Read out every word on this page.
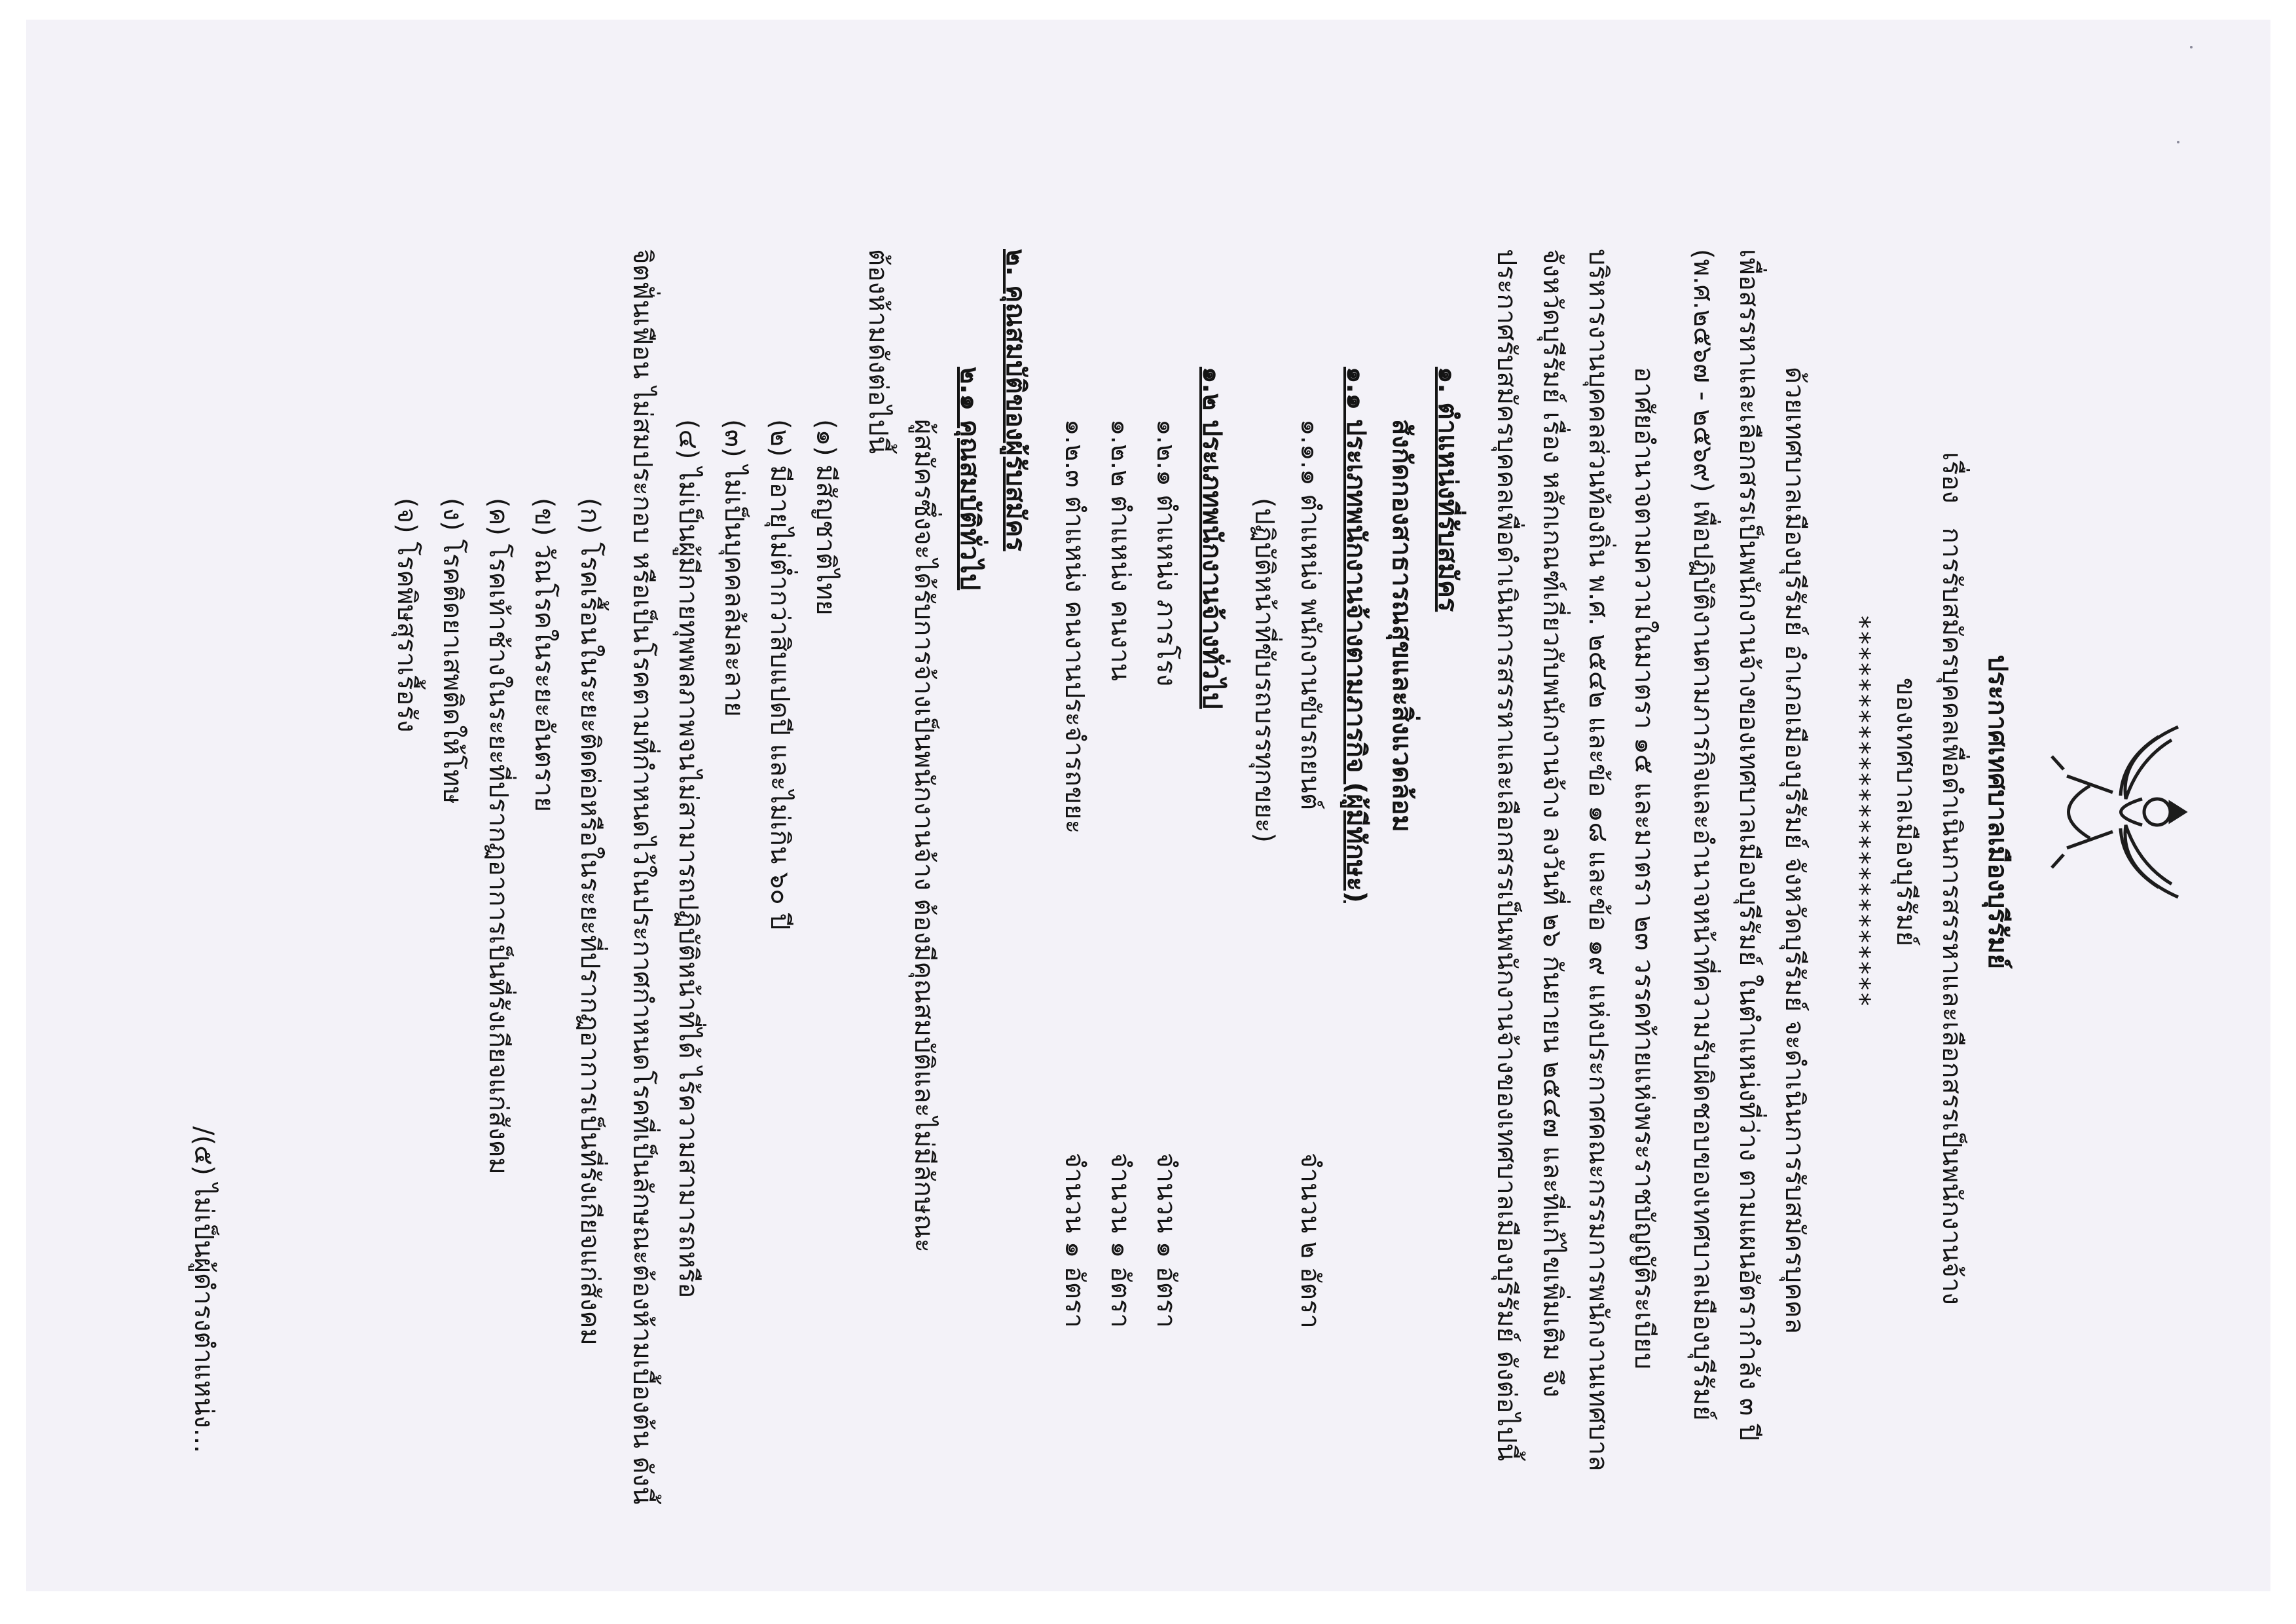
ประกาศเทศบาลเมืองบุรีรัมย์
เรื่อง การรับสมัครบุคคลเพื่อดำเนินการสรรหาและเลือกสรรเป็นพนักงานจ้าง
ของเทศบาลเมืองบุรีรัมย์
*************************
ด้วยเทศบาลเมืองบุรีรัมย์ อำเภอเมืองบุรีรัมย์ จังหวัดบุรีรัมย์ จะดำเนินการรับสมัครบุคคล
เพื่อสรรหาและเลือกสรรเป็นพนักงานจ้างของเทศบาลเมืองบุรีรัมย์ ในตำแหน่งที่ว่าง ตามแผนอัตรากำลัง ๓ ปี
(พ.ศ.๒๕๖๗ - ๒๕๖๙) เพื่อปฏิบัติงานตามภารกิจและอำนาจหน้าที่ความรับผิดชอบของเทศบาลเมืองบุรีรัมย์
อาศัยอำนาจตามความในมาตรา ๑๕ และมาตรา ๒๓ วรรคท้ายแห่งพระราชบัญญัติระเบียบ
บริหารงานบุคคลส่วนท้องถิ่น พ.ศ. ๒๕๔๒ และข้อ ๑๘ และข้อ ๑๙ แห่งประกาศคณะกรรมการพนักงานเทศบาล
จังหวัดบุรีรัมย์ เรื่อง หลักเกณฑ์เกี่ยวกับพนักงานจ้าง ลงวันที่ ๒๖ กันยายน ๒๕๔๗ และที่แก้ไขเพิ่มเติม จึง
ประกาศรับสมัครบุคคลเพื่อดำเนินการสรรหาและเลือกสรรเป็นพนักงานจ้างของเทศบาลเมืองบุรีรัมย์ ดังต่อไปนี้
๑. ตำแหน่งที่รับสมัคร
สังกัดกองสาธารณสุขและสิ่งแวดล้อม
๑.๑ ประเภทพนักงานจ้างตามภารกิจ (ผู้มีทักษะ)
๑.๑.๑ ตำแหน่ง พนักงานขับรถยนต์
จำนวน ๒ อัตรา
(ปฏิบัติหน้าที่ขับรถบรรทุกขยะ)
๑.๒ ประเภทพนักงานจ้างทั่วไป
๑.๒.๑ ตำแหน่ง ภารโรง
จำนวน ๑ อัตรา
๑.๒.๒ ตำแหน่ง คนงาน
จำนวน ๑ อัตรา
๑.๒.๓ ตำแหน่ง คนงานประจำรถขยะ
จำนวน ๑ อัตรา
๒. คุณสมบัติของผู้รับสมัคร
๒.๑ คุณสมบัติทั่วไป
ผู้สมัครซึ่งจะได้รับการจ้างเป็นพนักงานจ้าง ต้องมีคุณสมบัติและไม่มีลักษณะ
ต้องห้ามดังต่อไปนี้
(๑) มีสัญชาติไทย
(๒) มีอายุไม่ต่ำกว่าสิบแปดปี และไม่เกิน ๖๐ ปี
(๓) ไม่เป็นบุคคลล้มละลาย
(๔) ไม่เป็นผู้มีกายทุพพลภาพจนไม่สามารถปฏิบัติหน้าที่ได้ ไร้ความสามารถหรือ
จิตฟั่นเฟือน ไม่สมประกอบ หรือเป็นโรคตามที่กำหนดไว้ในประกาศกำหนดโรคที่เป็นลักษณะต้องห้ามเบื้องต้น ดังนี้
(ก) โรคเรื้อนในระยะติดต่อหรือในระยะที่ปรากฏอาการเป็นที่รังเกียจแก่สังคม
(ข) วัณโรคในระยะอันตราย
(ค) โรคเท้าช้างในระยะที่ปรากฏอาการเป็นที่รังเกียจแก่สังคม
(ง) โรคติดยาเสพติดให้โทษ
(จ) โรคพิษสุราเรื้อรัง
/(๕) ไม่เป็นผู้ดำรงตำแหน่ง...
